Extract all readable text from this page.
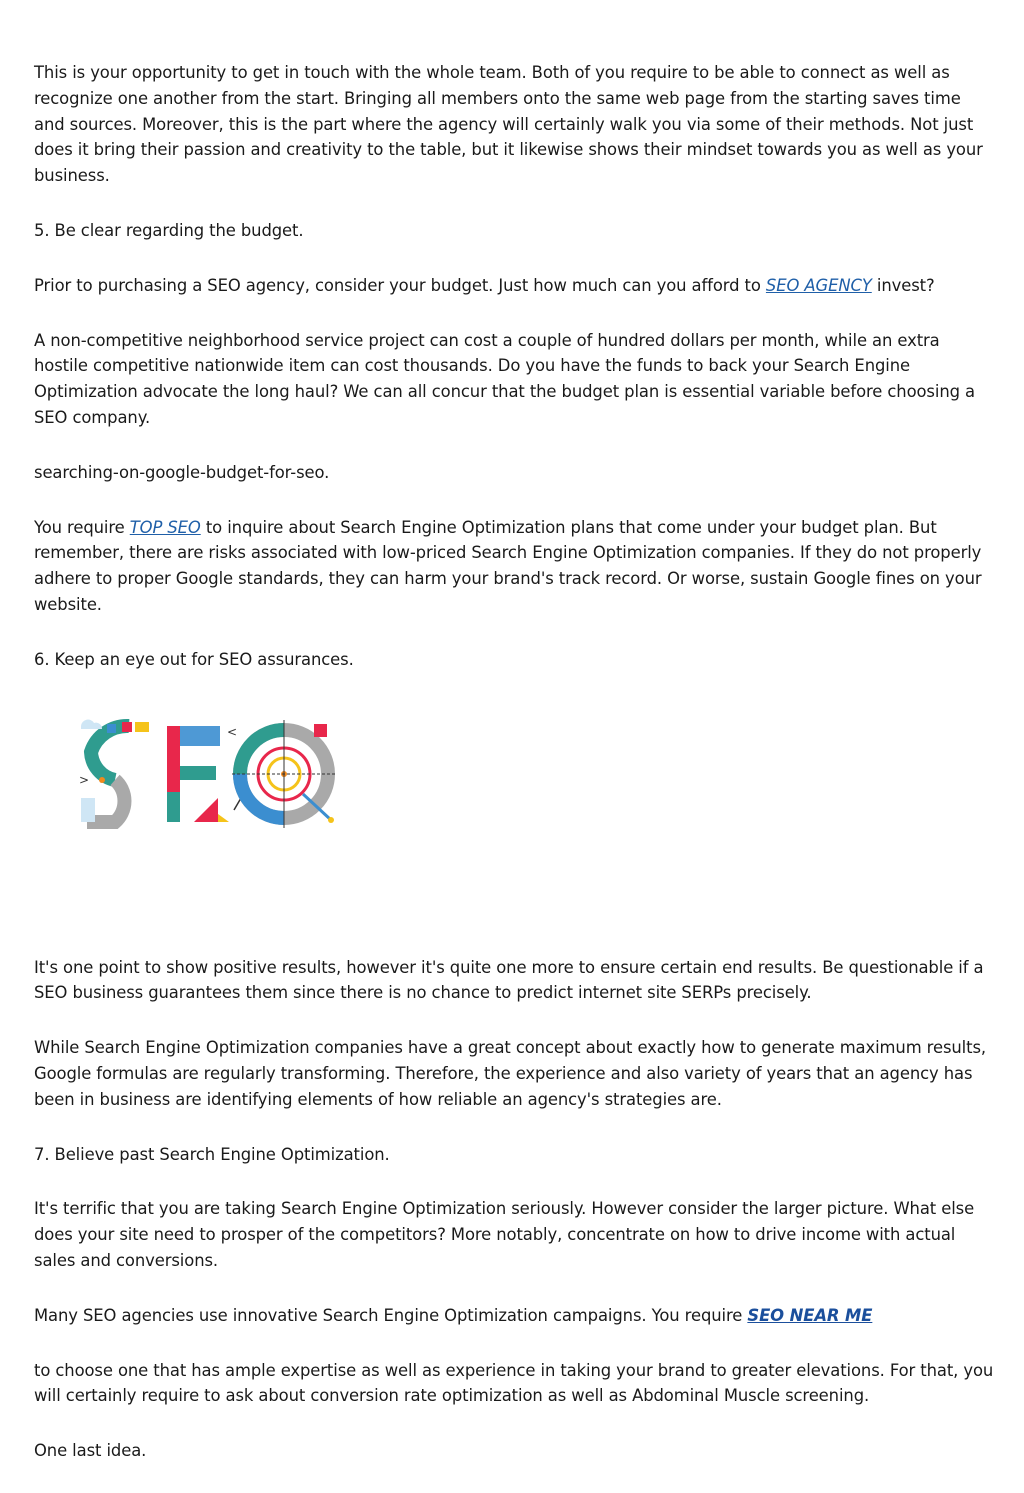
This is your opportunity to get in touch with the whole team. Both of you require to be able to connect as well as recognize one another from the start. Bringing all members onto the same web page from the starting saves time and sources. Moreover, this is the part where the agency will certainly walk you via some of their methods. Not just does it bring their passion and creativity to the table, but it likewise shows their mindset towards you as well as your business.

5. Be clear regarding the budget.

Prior to purchasing a SEO agency, consider your budget. Just how much can you afford to SEO AGENCY invest?

A non-competitive neighborhood service project can cost a couple of hundred dollars per month, while an extra hostile competitive nationwide item can cost thousands. Do you have the funds to back your Search Engine Optimization advocate the long haul? We can all concur that the budget plan is essential variable before choosing a SEO company.

searching-on-google-budget-for-seo.

You require TOP SEO to inquire about Search Engine Optimization plans that come under your budget plan. But remember, there are risks associated with low-priced Search Engine Optimization companies. If they do not properly adhere to proper Google standards, they can harm your brand's track record. Or worse, sustain Google fines on your website.

6. Keep an eye out for SEO assurances.

>
<

It's one point to show positive results, however it's quite one more to ensure certain end results. Be questionable if a SEO business guarantees them since there is no chance to predict internet site SERPs precisely.

While Search Engine Optimization companies have a great concept about exactly how to generate maximum results, Google formulas are regularly transforming. Therefore, the experience and also variety of years that an agency has been in business are identifying elements of how reliable an agency's strategies are.

7. Believe past Search Engine Optimization.

It's terrific that you are taking Search Engine Optimization seriously. However consider the larger picture. What else does your site need to prosper of the competitors? More notably, concentrate on how to drive income with actual sales and conversions.

Many SEO agencies use innovative Search Engine Optimization campaigns. You require SEO NEAR ME

to choose one that has ample expertise as well as experience in taking your brand to greater elevations. For that, you will certainly require to ask about conversion rate optimization as well as Abdominal Muscle screening.

One last idea.
